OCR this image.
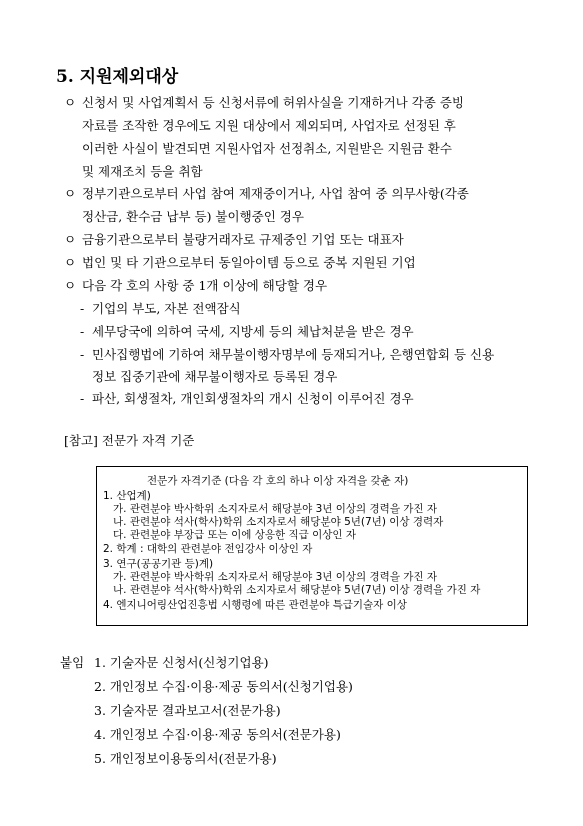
5. 지원제외대상
ㅇ 신청서 및 사업계획서 등 신청서류에 허위사실을 기재하거나 각종 증빙
자료를 조작한 경우에도 지원 대상에서 제외되며, 사업자로 선정된 후
이러한 사실이 발견되면 지원사업자 선정취소, 지원받은 지원금 환수
및 제재조치 등을 취함
ㅇ 정부기관으로부터 사업 참여 제재중이거나, 사업 참여 중 의무사항(각종
정산금, 환수금 납부 등) 불이행중인 경우
ㅇ 금융기관으로부터 불량거래자로 규제중인 기업 또는 대표자
ㅇ 법인 및 타 기관으로부터 동일아이템 등으로 중복 지원된 기업
ㅇ 다음 각 호의 사항 중 1개 이상에 해당할 경우
- 기업의 부도, 자본 전액잠식
- 세무당국에 의하여 국세, 지방세 등의 체납처분을 받은 경우
- 민사집행법에 기하여 채무불이행자명부에 등재되거나, 은행연합회 등 신용
정보 집중기관에 채무불이행자로 등록된 경우
- 파산, 회생절차, 개인회생절차의 개시 신청이 이루어진 경우
[참고] 전문가 자격 기준
전문가 자격기준 (다음 각 호의 하나 이상 자격을 갖춘 자)
1. 산업계)
가. 관련분야 박사학위 소지자로서 해당분야 3년 이상의 경력을 가진 자
나. 관련분야 석사(학사)학위 소지자로서 해당분야 5년(7년) 이상 경력자
다. 관련분야 부장급 또는 이에 상응한 직급 이상인 자
2. 학계 : 대학의 관련분야 전임강사 이상인 자
3. 연구(공공기관 등)계)
가. 관련분야 박사학위 소지자로서 해당분야 3년 이상의 경력을 가진 자
나. 관련분야 석사(학사)학위 소지자로서 해당분야 5년(7년) 이상 경력을 가진 자
4. 엔지니어링산업진흥법 시행령에 따른 관련분야 특급기술자 이상
붙임 1. 기술자문 신청서(신청기업용)
2. 개인정보 수집·이용·제공 동의서(신청기업용)
3. 기술자문 결과보고서(전문가용)
4. 개인정보 수집·이용·제공 동의서(전문가용)
5. 개인정보이용동의서(전문가용)
